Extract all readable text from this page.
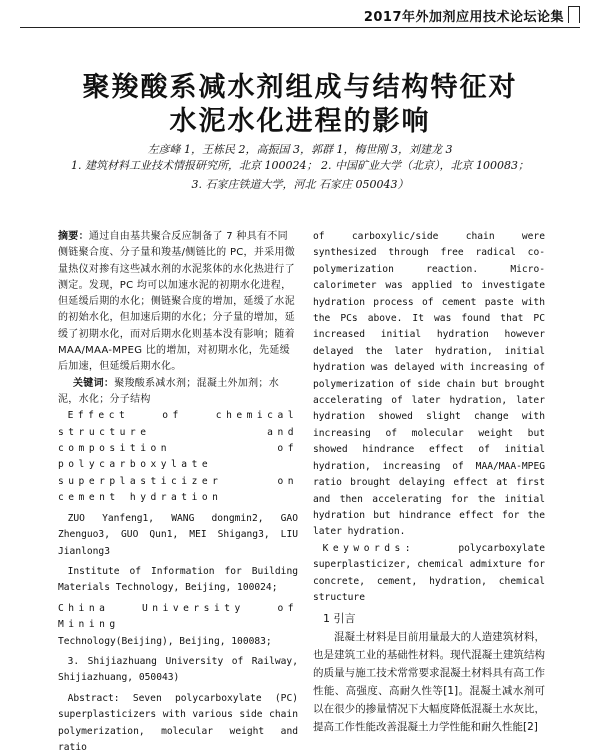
2017年外加剂应用技术论坛论集
聚羧酸系减水剂组成与结构特征对
水泥水化进程的影响
左彦峰 1，王栋民 2，高振国 3，郭群 1，梅世刚 3，刘建龙 3
1. 建筑材料工业技术情报研究所，北京 100024； 2. 中国矿业大学（北京），北京 100083；
3. 石家庄铁道大学，河北 石家庄 050043）

摘要：通过自由基共聚合反应制备了 7 种具有不同侧链聚合度、分子量和羧基/侧链比的 PC，并采用微量热仪对掺有这些减水剂的水泥浆体的水化热进行了测定。发现，PC 均可以加速水泥的初期水化进程，但延缓后期的水化；侧链聚合度的增加，延缓了水泥的初始水化，但加速后期的水化；分子量的增加，延缓了初期水化，而对后期水化则基本没有影响；随着 MAA/MAA-MPEG 比的增加，对初期水化，先延缓后加速，但延缓后期水化。

关键词：聚羧酸系减水剂；混凝土外加剂；水泥，水化；分子结构

Effect of chemical structure and composition of polycarboxylate superplasticizer on cement hydration

ZUO Yanfeng1, WANG dongmin2, GAO Zhenguo3, GUO Qun1, MEI Shigang3, LIU Jianlong3

Institute of Information for Building Materials Technology, Beijing, 100024;

China University of Mining

Technology(Beijing), Beijing, 100083;

3. Shijiazhuang University of Railway, Shijiazhuang, 050043)

Abstract: Seven polycarboxylate (PC) superplasticizers with various side chain polymerization, molecular weight and ratio

of carboxylic/side chain were synthesized through free radical co-polymerization reaction. Micro-calorimeter was applied to investigate hydration process of cement paste with the PCs above. It was found that PC increased initial hydration however delayed the later hydration, initial hydration was delayed with increasing of polymerization of side chain but brought accelerating of later hydration, later hydration showed slight change with increasing of molecular weight but showed hindrance effect of initial hydration, increasing of MAA/MAA-MPEG ratio brought delaying effect at first and then accelerating for the initial hydration but hindrance effect for the later hydration.

Keywords:	polycarboxylate superplasticizer, chemical admixture for concrete, cement, hydration, chemical structure

1 引言

混凝土材料是目前用量最大的人造建筑材料，也是建筑工业的基础性材料。现代混凝土建筑结构的质量与施工技术常常要求混凝土材料具有高工作性能、高强度、高耐久性等[1]。混凝土减水剂可以在很少的掺量情况下大幅度降低混凝土水灰比，提高工作性能改善混凝土力学性能和耐久性能[2]
